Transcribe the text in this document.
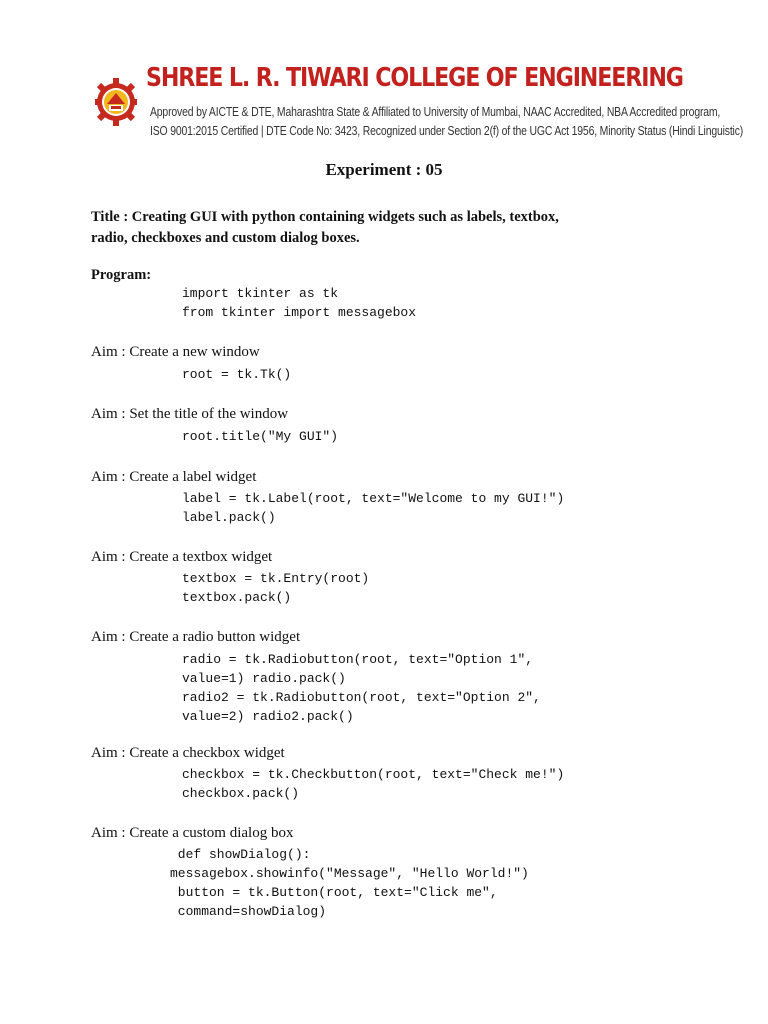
SHREE L. R. TIWARI COLLEGE OF ENGINEERING
Approved by AICTE & DTE, Maharashtra State & Affiliated to University of Mumbai, NAAC Accredited, NBA Accredited program,
ISO 9001:2015 Certified | DTE Code No: 3423, Recognized under Section 2(f) of the UGC Act 1956, Minority Status (Hindi Linguistic)
Experiment : 05
Title : Creating GUI with python containing widgets such as labels, textbox, radio, checkboxes and custom dialog boxes.
Program:
import tkinter as tk
from tkinter import messagebox
Aim : Create a new window
root = tk.Tk()
Aim : Set the title of the window
root.title("My GUI")
Aim : Create a label widget
label = tk.Label(root, text="Welcome to my GUI!")
label.pack()
Aim : Create a textbox widget
textbox = tk.Entry(root)
textbox.pack()
Aim : Create a radio button widget
radio = tk.Radiobutton(root, text="Option 1",
value=1) radio.pack()
radio2 = tk.Radiobutton(root, text="Option 2",
value=2) radio2.pack()
Aim : Create a checkbox widget
checkbox = tk.Checkbutton(root, text="Check me!")
checkbox.pack()
Aim : Create a custom dialog box
def showDialog():
messagebox.showinfo("Message", "Hello World!")
button = tk.Button(root, text="Click me",
command=showDialog)
